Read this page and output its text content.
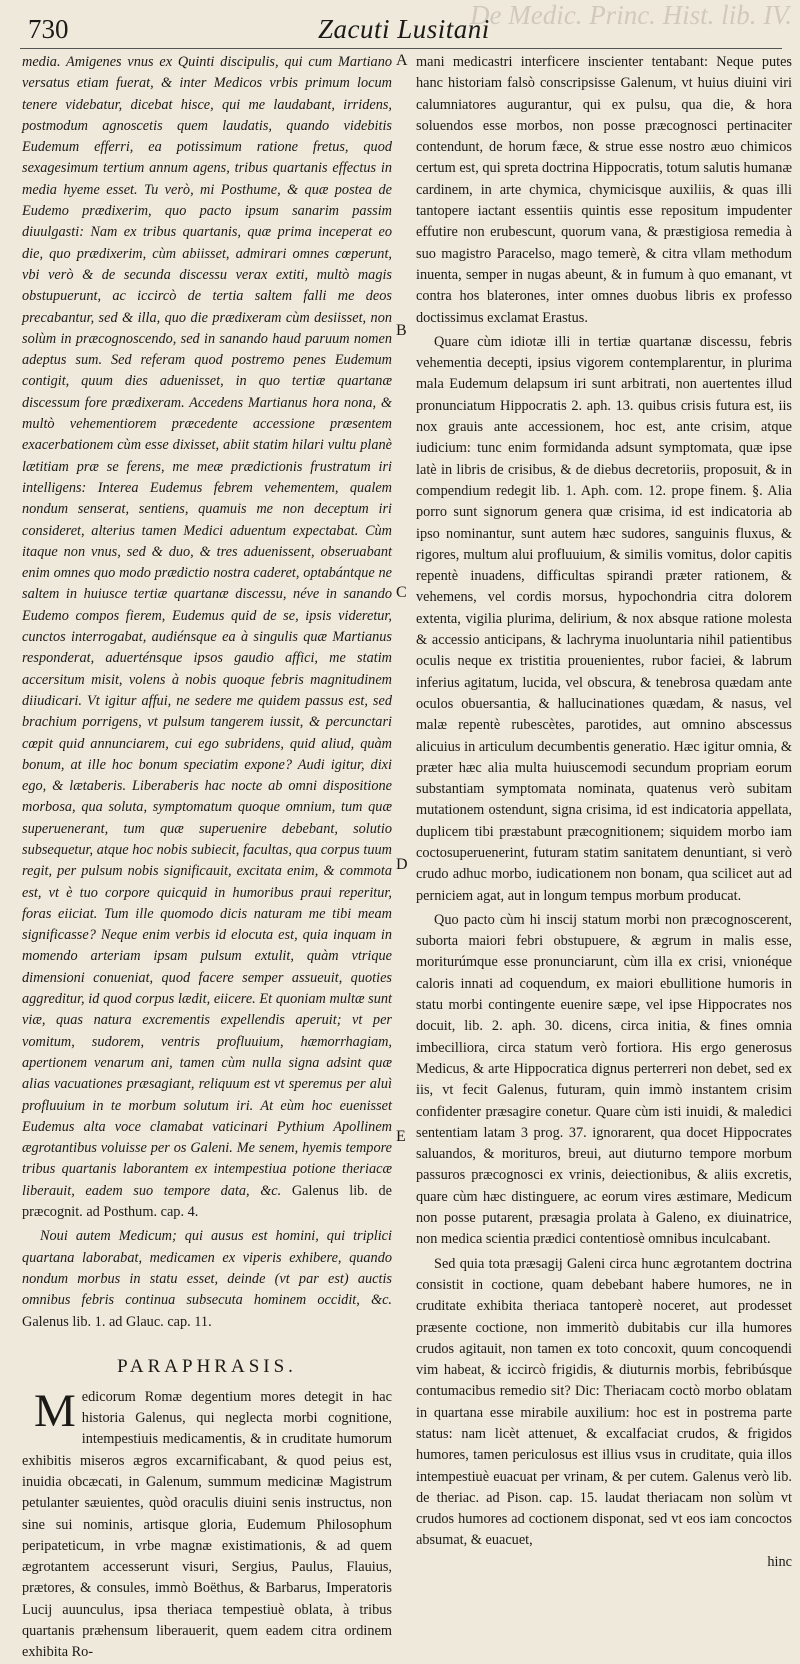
De Medic. Princ. Hist. lib. IV.
730	Zacuti Lusitani
A
B
C
D
E

media. Amigenes vnus ex Quinti discipulis, qui cum Martiano versatus etiam fuerat, & inter Medicos vrbis primum locum tenere videbatur, dicebat hisce, qui me laudabant, irridens, postmodum agnoscetis quem laudatis, quando videbitis Eudemum efferri, ea potissimum ratione fretus, quod sexagesimum tertium annum agens, tribus quartanis effectus in media hyeme esset. Tu verò, mi Posthume, & quæ postea de Eudemo prædixerim, quo pacto ipsum sanarim passim diuulgasti: Nam ex tribus quartanis, quæ prima inceperat eo die, quo prædixerim, cùm abiisset, admirari omnes cœperunt, vbi verò & de secunda discessu verax extiti, multò magis obstupuerunt, ac iccircò de tertia saltem falli me deos precabantur, sed & illa, quo die prædixeram cùm desiisset, non solùm in præcognoscendo, sed in sanando haud paruum nomen adeptus sum. Sed referam quod postremo penes Eudemum contigit, quum dies aduenisset, in quo tertiæ quartanæ discessum fore prædixeram. Accedens Martianus hora nona, & multò vehementiorem præcedente accessione præsentem exacerbationem cùm esse dixisset, abiit statim hilari vultu planè lætitiam præ se ferens, me meæ prædictionis frustratum iri intelligens: Interea Eudemus febrem vehementem, qualem nondum senserat, sentiens, quamuis me non deceptum iri consideret, alterius tamen Medici aduentum expectabat. Cùm itaque non vnus, sed & duo, & tres aduenissent, obseruabant enim omnes quo modo prædictio nostra caderet, optabántque ne saltem in huiusce tertiæ quartanæ discessu, néve in sanando Eudemo compos fierem, Eudemus quid de se, ipsis videretur, cunctos interrogabat, audiénsque ea à singulis quæ Martianus responderat, aduerténsque ipsos gaudio affici, me statim accersitum misit, volens à nobis quoque febris magnitudinem diiudicari. Vt igitur affui, ne sedere me quidem passus est, sed brachium porrigens, vt pulsum tangerem iussit, & percunctari cœpit quid annunciarem, cui ego subridens, quid aliud, quàm bonum, at ille hoc bonum speciatim expone? Audi igitur, dixi ego, & lætaberis. Liberaberis hac nocte ab omni dispositione morbosa, qua soluta, symptomatum quoque omnium, tum quæ superuenerant, tum quæ superuenire debebant, solutio subsequetur, atque hoc nobis subiecit, facultas, qua corpus tuum regit, per pulsum nobis significauit, excitata enim, & commota est, vt è tuo corpore quicquid in humoribus praui reperitur, foras eiiciat. Tum ille quomodo dicis naturam me tibi meam significasse? Neque enim verbis id elocuta est, quia inquam in momendo arteriam ipsam pulsum extulit, quàm vtrique dimensioni conueniat, quod facere semper assueuit, quoties aggreditur, id quod corpus lædit, eiicere. Et quoniam multæ sunt viæ, quas natura excrementis expellendis aperuit; vt per vomitum, sudorem, ventris profluuium, hæmorrhagiam, apertionem venarum ani, tamen cùm nulla signa adsint quæ alias vacuationes præsagiant, reliquum est vt speremus per aluì profluuium in te morbum solutum iri. At eùm hoc euenisset Eudemus alta voce clamabat vaticinari Pythium Apollinem ægrotantibus voluisse per os Galeni. Me senem, hyemis tempore tribus quartanis laborantem ex intempestiua potione theriacæ liberauit, eadem suo tempore data, &c. Galenus lib. de præcognit. ad Posthum. cap. 4.

Noui autem Medicum; qui ausus est homini, qui triplici quartana laborabat, medicamen ex viperis exhibere, quando nondum morbus in statu esset, deinde (vt par est) auctis omnibus febris continua subsecuta hominem occidit, &c. Galenus lib. 1. ad Glauc. cap. 11.

PARAPHRASIS.

Medicorum Romæ degentium mores detegit in hac historia Galenus, qui neglecta morbi cognitione, intempestiuis medicamentis, & in cruditate humorum exhibitis miseros ægros excarnificabant, & quod peius est, inuidia obcæcati, in Galenum, summum medicinæ Magistrum petulanter sæuientes, quòd oraculis diuini senis instructus, non sine sui nominis, artisque gloria, Eudemum Philosophum peripateticum, in vrbe magnæ existimationis, & ad quem ægrotantem accesserunt visuri, Sergius, Paulus, Flauius, prætores, & consules, immò Boëthus, & Barbarus, Imperatoris Lucij auunculus, ipsa theriaca tempestiuè oblata, à tribus quartanis præhensum liberauerit, quem eadem citra ordinem exhibita Ro-

mani medicastri interficere inscienter tentabant: Neque putes hanc historiam falsò conscripsisse Galenum, vt huius diuini viri calumniatores augurantur, qui ex pulsu, qua die, & hora soluendos esse morbos, non posse præcognosci pertinaciter contendunt, de horum fæce, & strue esse nostro æuo chimicos certum est, qui spreta doctrina Hippocratis, totum salutis humanæ cardinem, in arte chymica, chymicisque auxiliis, & quas illi tantopere iactant essentiis quintis esse repositum impudenter effutire non erubescunt, quorum vana, & præstigiosa remedia à suo magistro Paracelso, mago temerè, & citra vllam methodum inuenta, semper in nugas abeunt, & in fumum à quo emanant, vt contra hos blaterones, inter omnes duobus libris ex professo doctissimus exclamat Erastus.

Quare cùm idiotæ illi in tertiæ quartanæ discessu, febris vehementia decepti, ipsius vigorem contemplarentur, in plurima mala Eudemum delapsum iri sunt arbitrati, non auertentes illud pronunciatum Hippocratis 2. aph. 13. quibus crisis futura est, iis nox grauis ante accessionem, hoc est, ante crisim, atque iudicium: tunc enim formidanda adsunt symptomata, quæ ipse latè in libris de crisibus, & de diebus decretoriis, proposuit, & in compendium redegit lib. 1. Aph. com. 12. prope finem. §. Alia porro sunt signorum genera quæ crisima, id est indicatoria ab ipso nominantur, sunt autem hæc sudores, sanguinis fluxus, & rigores, multum alui profluuium, & similis vomitus, dolor capitis repentè inuadens, difficultas spirandi præter rationem, & vehemens, vel cordis morsus, hypochondria citra dolorem extenta, vigilia plurima, delirium, & nox absque ratione molesta & accessio anticipans, & lachryma inuoluntaria nihil patientibus oculis neque ex tristitia prouenientes, rubor faciei, & labrum inferius agitatum, lucida, vel obscura, & tenebrosa quædam ante oculos obuersantia, & hallucinationes quædam, & nasus, vel malæ repentè rubescètes, parotides, aut omnino abscessus alicuius in articulum decumbentis generatio. Hæc igitur omnia, & præter hæc alia multa huiuscemodi secundum propriam eorum substantiam symptomata nominata, quatenus verò subitam mutationem ostendunt, signa crisima, id est indicatoria appellata, duplicem tibi præstabunt præcognitionem; siquidem morbo iam coctosuperuenerint, futuram statim sanitatem denuntiant, si verò crudo adhuc morbo, iudicationem non bonam, qua scilicet aut ad perniciem agat, aut in longum tempus morbum producat.

Quo pacto cùm hi inscij statum morbi non præcognoscerent, suborta maiori febri obstupuere, & ægrum in malis esse, moriturúmque esse pronunciarunt, cùm illa ex crisi, vnionéque caloris innati ad coquendum, ex maiori ebullitione humoris in statu morbi contingente euenire sæpe, vel ipse Hippocrates nos docuit, lib. 2. aph. 30. dicens, circa initia, & fines omnia imbecilliora, circa statum verò fortiora. His ergo generosus Medicus, & arte Hippocratica dignus perterreri non debet, sed ex iis, vt fecit Galenus, futuram, quin immò instantem crisim confidenter præsagire conetur. Quare cùm isti inuidi, & maledici sententiam latam 3 prog. 37. ignorarent, qua docet Hippocrates saluandos, & morituros, breui, aut diuturno tempore morbum passuros præcognosci ex vrinis, deiectionibus, & aliis excretis, quare cùm hæc distinguere, ac eorum vires æstimare, Medicum non posse putarent, præsagia prolata à Galeno, ex diuinatrice, non medica scientia prædici contentiosè omnibus inculcabant.

Sed quia tota præsagij Galeni circa hunc ægrotantem doctrina consistit in coctione, quam debebant habere humores, ne in cruditate exhibita theriaca tantoperè noceret, aut prodesset præsente coctione, non immeritò dubitabis cur illa humores crudos agitauit, non tamen ex toto concoxit, quum concoquendi vim habeat, & iccircò frigidis, & diuturnis morbis, febribúsque contumacibus remedio sit? Dic: Theriacam coctò morbo oblatam in quartana esse mirabile auxilium: hoc est in postrema parte status: nam licèt attenuet, & excalfaciat crudos, & frigidos humores, tamen periculosus est illius vsus in cruditate, quia illos intempestiuè euacuat per vrinam, & per cutem. Galenus verò lib. de theriac. ad Pison. cap. 15. laudat theriacam non solùm vt crudos humores ad coctionem disponat, sed vt eos iam concoctos absumat, & euacuet,

hinc
